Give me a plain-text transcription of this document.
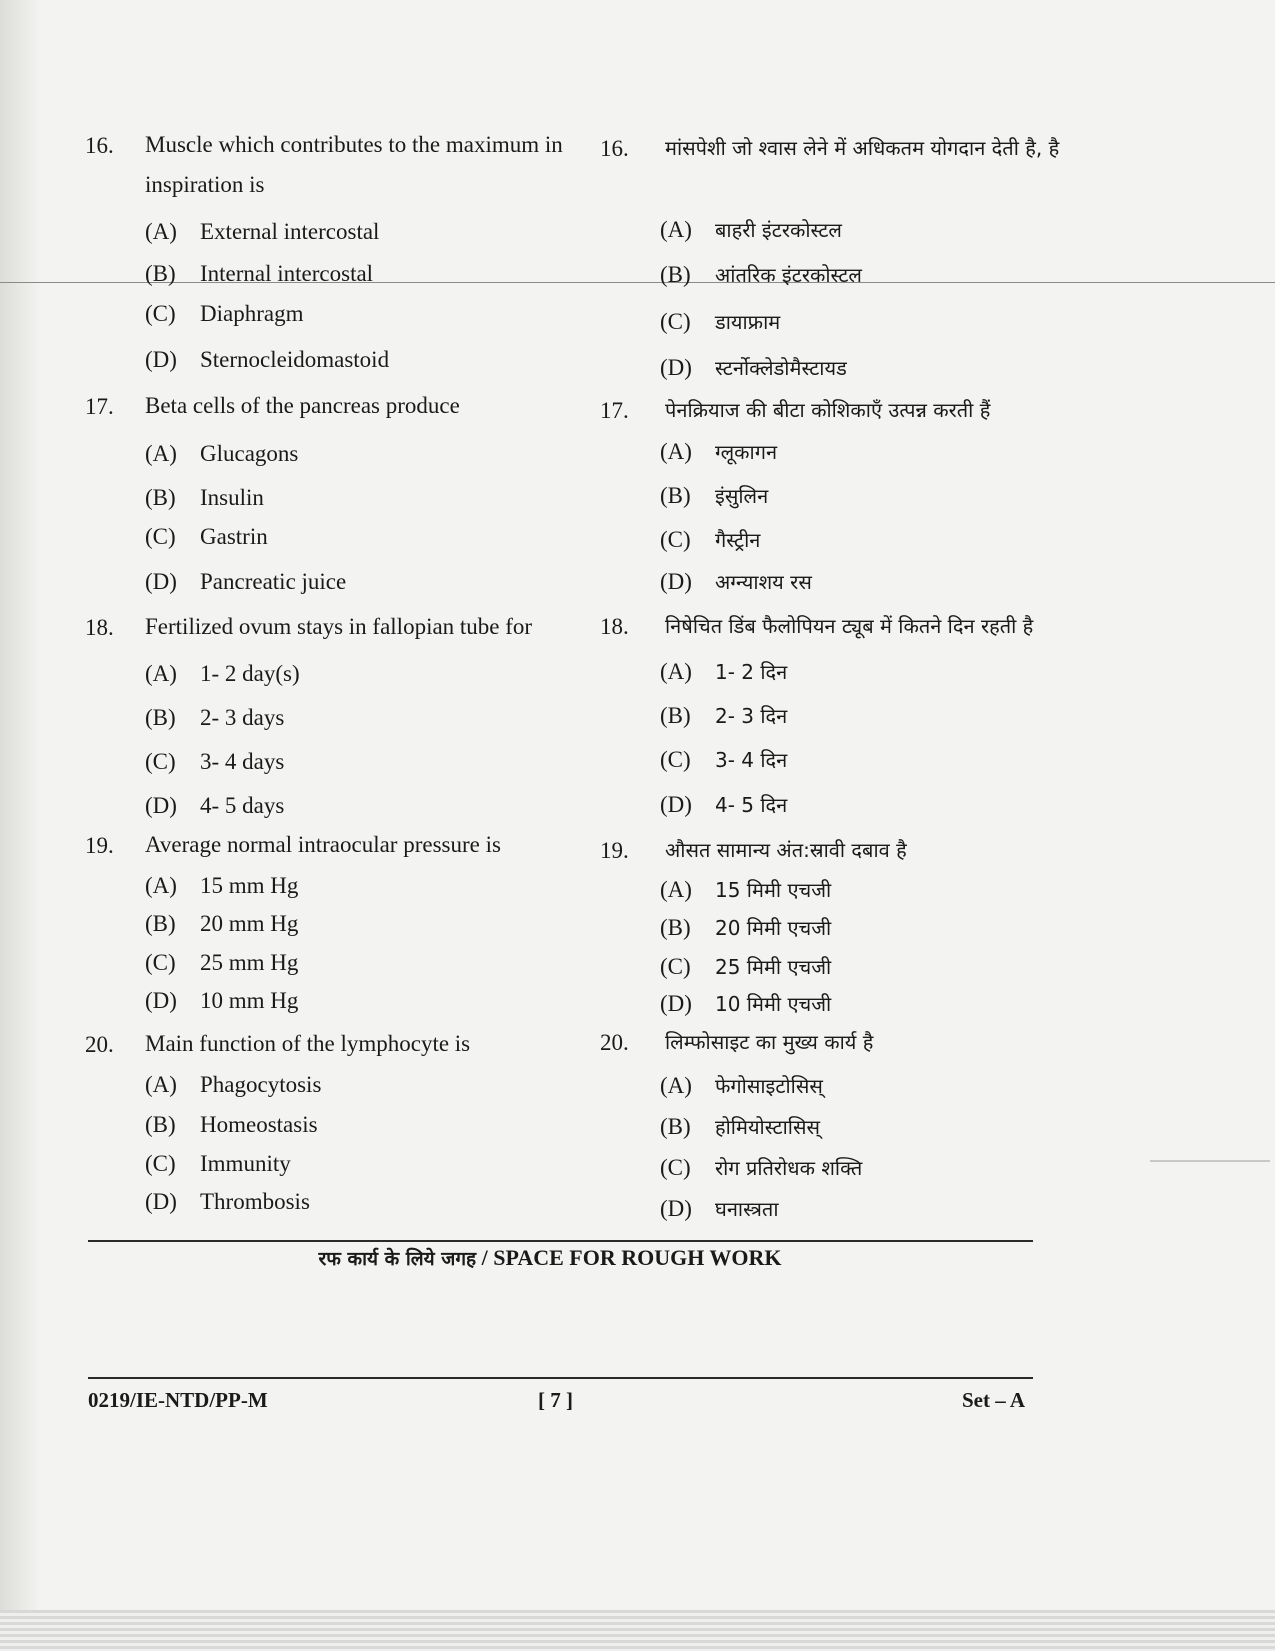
16. Muscle which contributes to the maximum in inspiration is
(A) External intercostal
(B) Internal intercostal
(C) Diaphragm
(D) Sternocleidomastoid
17. Beta cells of the pancreas produce
(A) Glucagons
(B) Insulin
(C) Gastrin
(D) Pancreatic juice
18. Fertilized ovum stays in fallopian tube for
(A) 1- 2 day(s)
(B) 2- 3 days
(C) 3- 4 days
(D) 4- 5 days
19. Average normal intraocular pressure is
(A) 15 mm Hg
(B) 20 mm Hg
(C) 25 mm Hg
(D) 10 mm Hg
20. Main function of the lymphocyte is
(A) Phagocytosis
(B) Homeostasis
(C) Immunity
(D) Thrombosis
16. मांसपेशी जो श्वास लेने में अधिकतम योगदान देती है, है
(A) बाहरी इंटरकोस्टल
(B) आंतरिक इंटरकोस्टल
(C) डायाफ्राम
(D) स्टर्नोक्लेडोमैस्टायड
17. पेनक्रियाज की बीटा कोशिकाएँ उत्पन्न करती हैं
(A) ग्लूकागन
(B) इंसुलिन
(C) गैस्ट्रीन
(D) अग्न्याशय रस
18. निषेचित डिंब फैलोपियन ट्यूब में कितने दिन रहती है
(A) 1- 2 दिन
(B) 2- 3 दिन
(C) 3- 4 दिन
(D) 4- 5 दिन
19. औसत सामान्य अंत:स्रावी दबाव है
(A) 15 मिमी एचजी
(B) 20 मिमी एचजी
(C) 25 मिमी एचजी
(D) 10 मिमी एचजी
20. लिम्फोसाइट का मुख्य कार्य है
(A) फेगोसाइटोसिस्
(B) होमियोस्टासिस्
(C) रोग प्रतिरोधक शक्ति
(D) घनास्त्रता
रफ कार्य के लिये जगह / SPACE FOR ROUGH WORK
0219/IE-NTD/PP-M	[ 7 ]	Set – A
